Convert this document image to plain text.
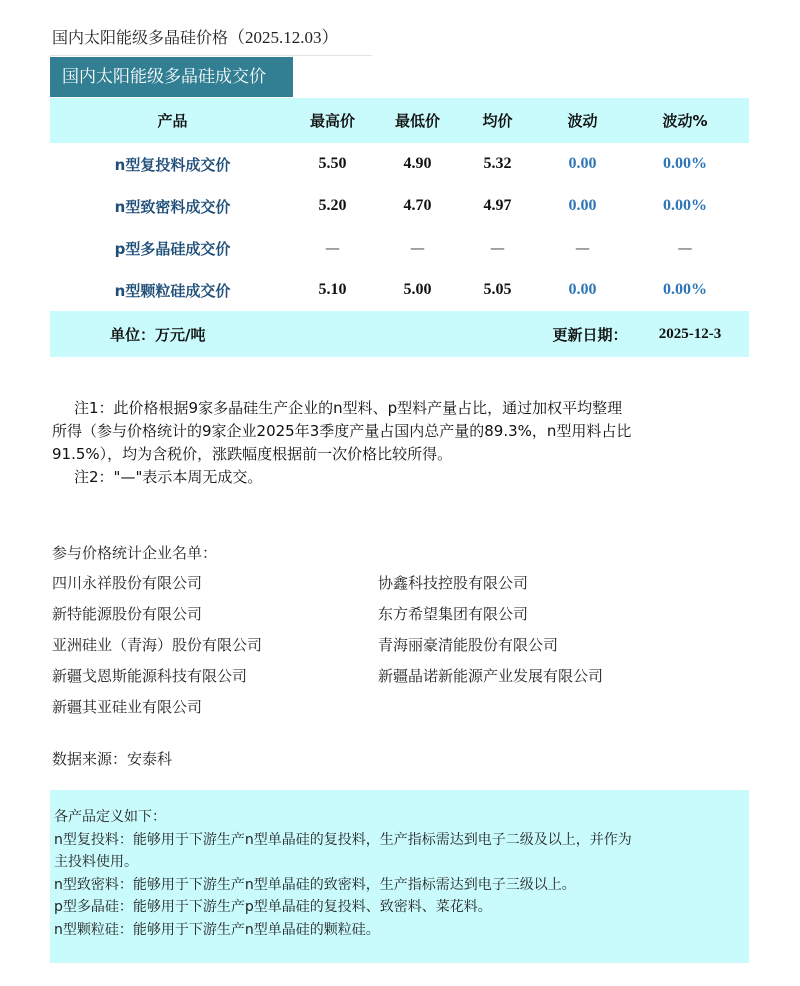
国内太阳能级多晶硅价格（2025.12.03）
国内太阳能级多晶硅成交价
产品	最高价	最低价	均价	波动	波动%
n型复投料成交价	5.50	4.90	5.32	0.00	0.00%
n型致密料成交价	5.20	4.70	4.97	0.00	0.00%
p型多晶硅成交价	—	—	—	—	—
n型颗粒硅成交价	5.10	5.00	5.05	0.00	0.00%
单位：万元/吨	更新日期：	2025-12-3

注1：此价格根据9家多晶硅生产企业的n型料、p型料产量占比，通过加权平均整理

所得（参与价格统计的9家企业2025年3季度产量占国内总产量的89.3%，n型用料占比

91.5%），均为含税价，涨跌幅度根据前一次价格比较所得。

注2："—"表示本周无成交。

参与价格统计企业名单：
四川永祥股份有限公司	协鑫科技控股有限公司
新特能源股份有限公司	东方希望集团有限公司
亚洲硅业（青海）股份有限公司	青海丽豪清能股份有限公司
新疆戈恩斯能源科技有限公司	新疆晶诺新能源产业发展有限公司
新疆其亚硅业有限公司
数据来源：安泰科

各产品定义如下：

n型复投料：能够用于下游生产n型单晶硅的复投料，生产指标需达到电子二级及以上，并作为

主投料使用。

n型致密料：能够用于下游生产n型单晶硅的致密料，生产指标需达到电子三级以上。

p型多晶硅：能够用于下游生产p型单晶硅的复投料、致密料、菜花料。

n型颗粒硅：能够用于下游生产n型单晶硅的颗粒硅。
